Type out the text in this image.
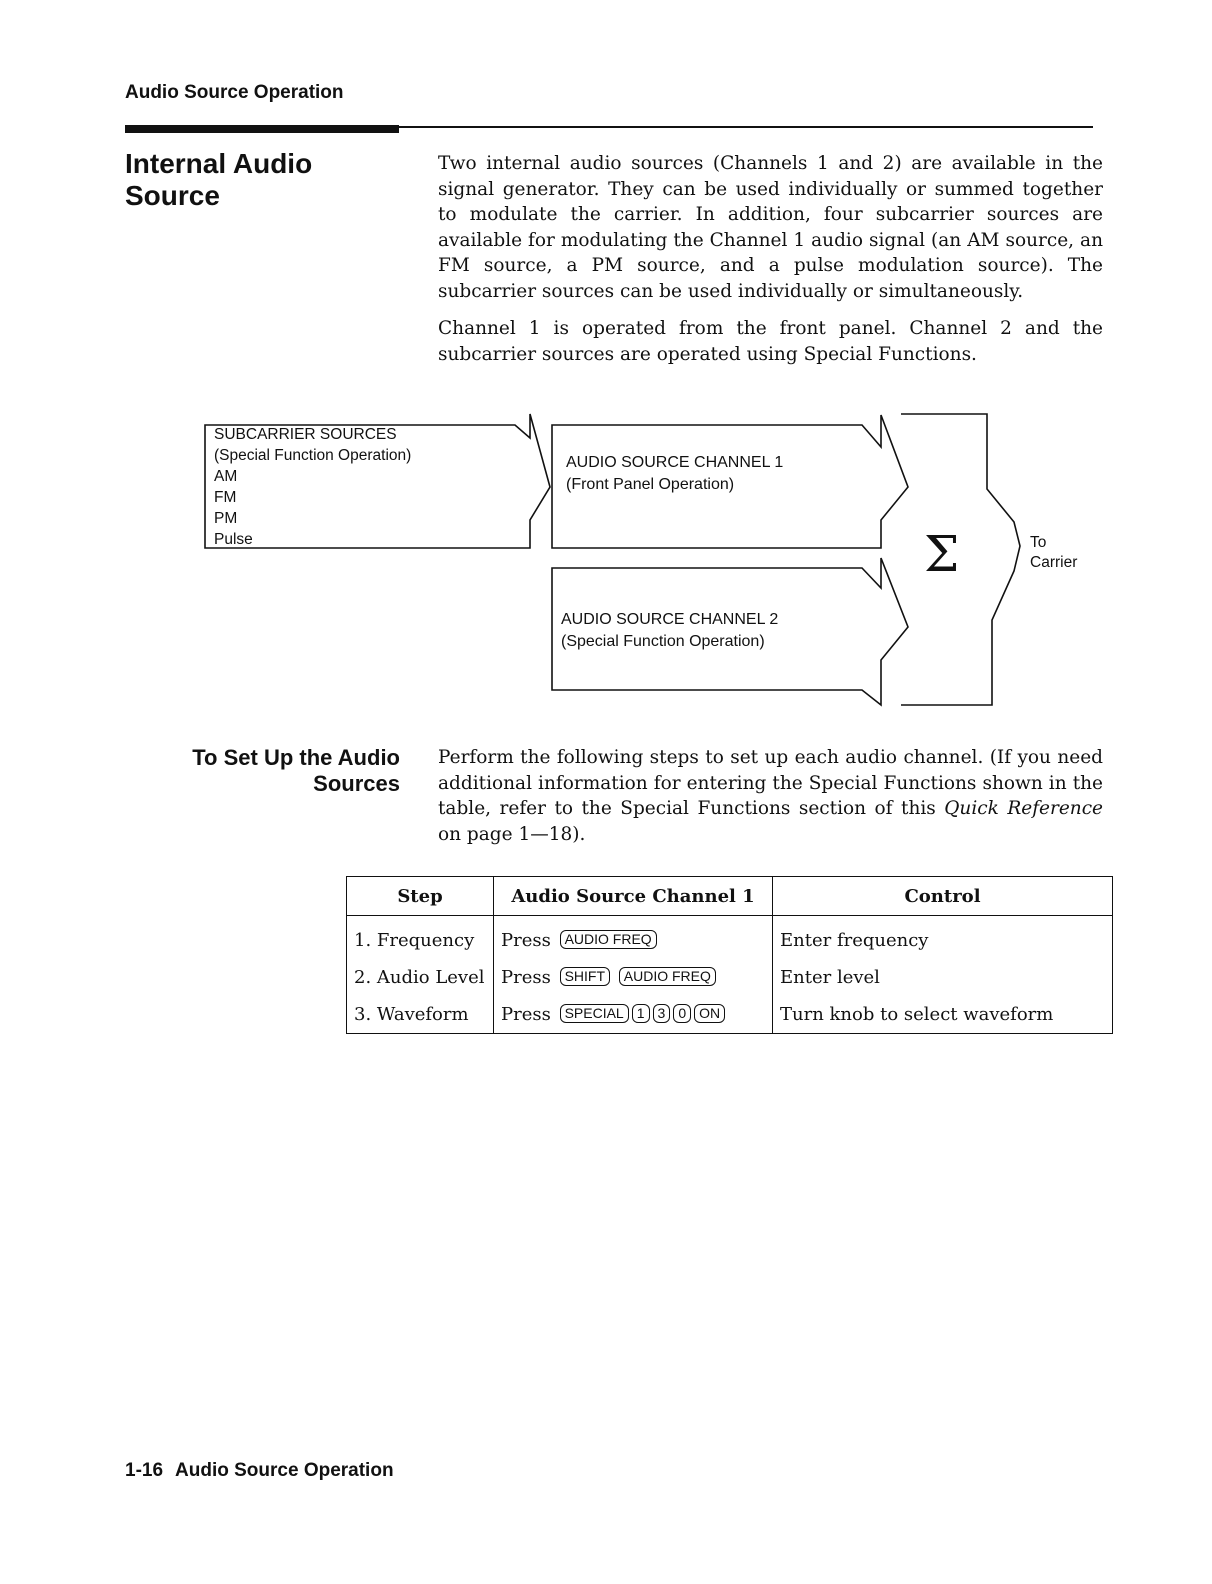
Audio Source Operation
Internal Audio Source

Two internal audio sources (Channels 1 and 2) are available in the signal generator. They can be used individually or summed together to modulate the carrier. In addition, four subcarrier sources are available for modulating the Channel 1 audio signal (an AM source, an FM source, a PM source, and a pulse modulation source). The subcarrier sources can be used individually or simultaneously.

Channel 1 is operated from the front panel. Channel 2 and the subcarrier sources are operated using Special Functions.

SUBCARRIER SOURCES
(Special Function Operation)
AM
FM
PM
Pulse
AUDIO SOURCE CHANNEL 1
(Front Panel Operation)
AUDIO SOURCE CHANNEL 2
(Special Function Operation)
Σ	To
Carrier
To Set Up the Audio
Sources

Perform the following steps to set up each audio channel. (If you need additional information for entering the Special Functions shown in the table, refer to the Special Functions section of this Quick Reference on page 1—18).

Step	Audio Source Channel 1	Control
1. Frequency	Press AUDIO FREQ	Enter frequency
2. Audio Level	Press SHIFT AUDIO FREQ	Enter level
3. Waveform	Press SPECIAL 1 3 0 ON	Turn knob to select waveform
1-16 Audio Source Operation
